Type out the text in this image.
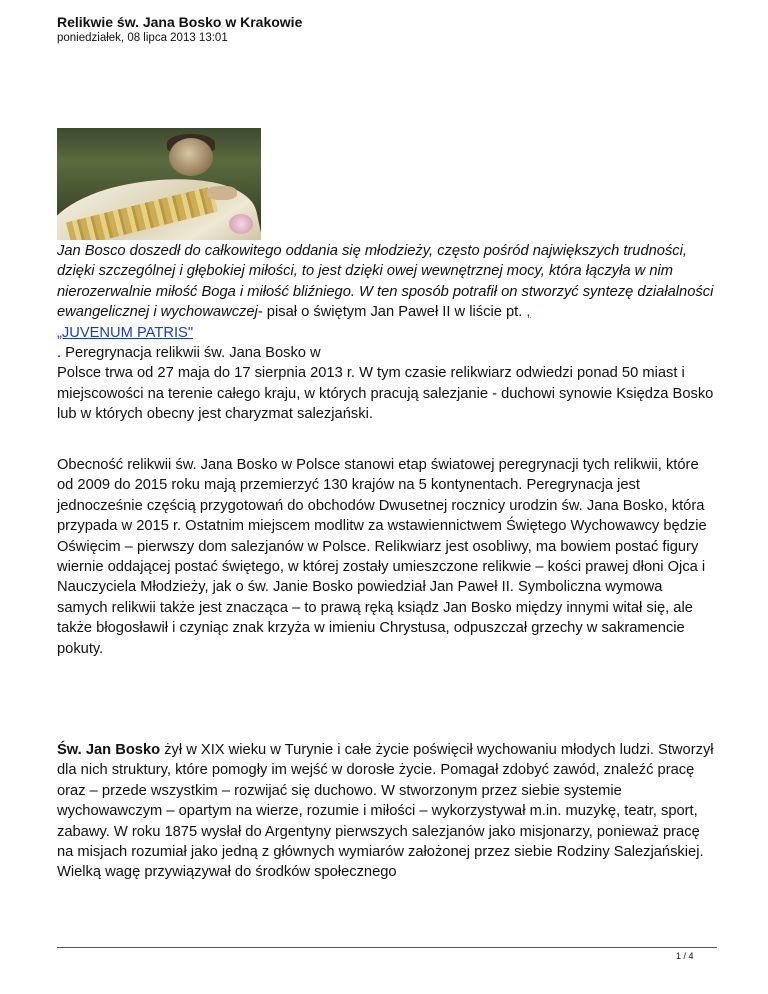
Relikwie św. Jana Bosko w Krakowie
poniedziałek, 08 lipca 2013 13:01
Jan Bosco doszedł do całkowitego oddania się młodzieży, często pośród największych trudności, dzięki szczególnej i głębokiej miłości, to jest dzięki owej wewnętrznej mocy, która łączyła w nim nierozerwalnie miłość Boga i miłość bliźniego. W ten sposób potrafił on stworzyć syntezę działalności ewangelicznej i wychowawczej- pisał o świętym Jan Paweł II w liście pt. ,
„JUVENUM PATRIS"

. Peregrynacja relikwii św. Jana Bosko w

Polsce trwa od 27 maja do 17 sierpnia 2013 r. W tym czasie relikwiarz odwiedzi ponad 50 miast i miejscowości na terenie całego kraju, w których pracują salezjanie - duchowi synowie Księdza Bosko lub w których obecny jest charyzmat salezjański.

Obecność relikwii św. Jana Bosko w Polsce stanowi etap światowej peregrynacji tych relikwii, które od 2009 do 2015 roku mają przemierzyć 130 krajów na 5 kontynentach. Peregrynacja jest jednocześnie częścią przygotowań do obchodów Dwusetnej rocznicy urodzin św. Jana Bosko, która przypada w 2015 r. Ostatnim miejscem modlitw za wstawiennictwem Świętego Wychowawcy będzie Oświęcim – pierwszy dom salezjanów w Polsce. Relikwiarz jest osobliwy, ma bowiem postać figury wiernie oddającej postać świętego, w której zostały umieszczone relikwie – kości prawej dłoni Ojca i Nauczyciela Młodzieży, jak o św. Janie Bosko powiedział Jan Paweł II. Symboliczna wymowa samych relikwii także jest znacząca – to prawą ręką ksiądz Jan Bosko między innymi witał się, ale także błogosławił i czyniąc znak krzyża w imieniu Chrystusa, odpuszczał grzechy w sakramencie pokuty.

Św. Jan Bosko żył w XIX wieku w Turynie i całe życie poświęcił wychowaniu młodych ludzi. Stworzył dla nich struktury, które pomogły im wejść w dorosłe życie. Pomagał zdobyć zawód, znaleźć pracę oraz – przede wszystkim – rozwijać się duchowo. W stworzonym przez siebie systemie wychowawczym – opartym na wierze, rozumie i miłości – wykorzystywał m.in. muzykę, teatr, sport, zabawy. W roku 1875 wysłał do Argentyny pierwszych salezjanów jako misjonarzy, ponieważ pracę na misjach rozumiał jako jedną z głównych wymiarów założonej przez siebie Rodziny Salezjańskiej. Wielką wagę przywiązywał do środków społecznego

1 / 4
